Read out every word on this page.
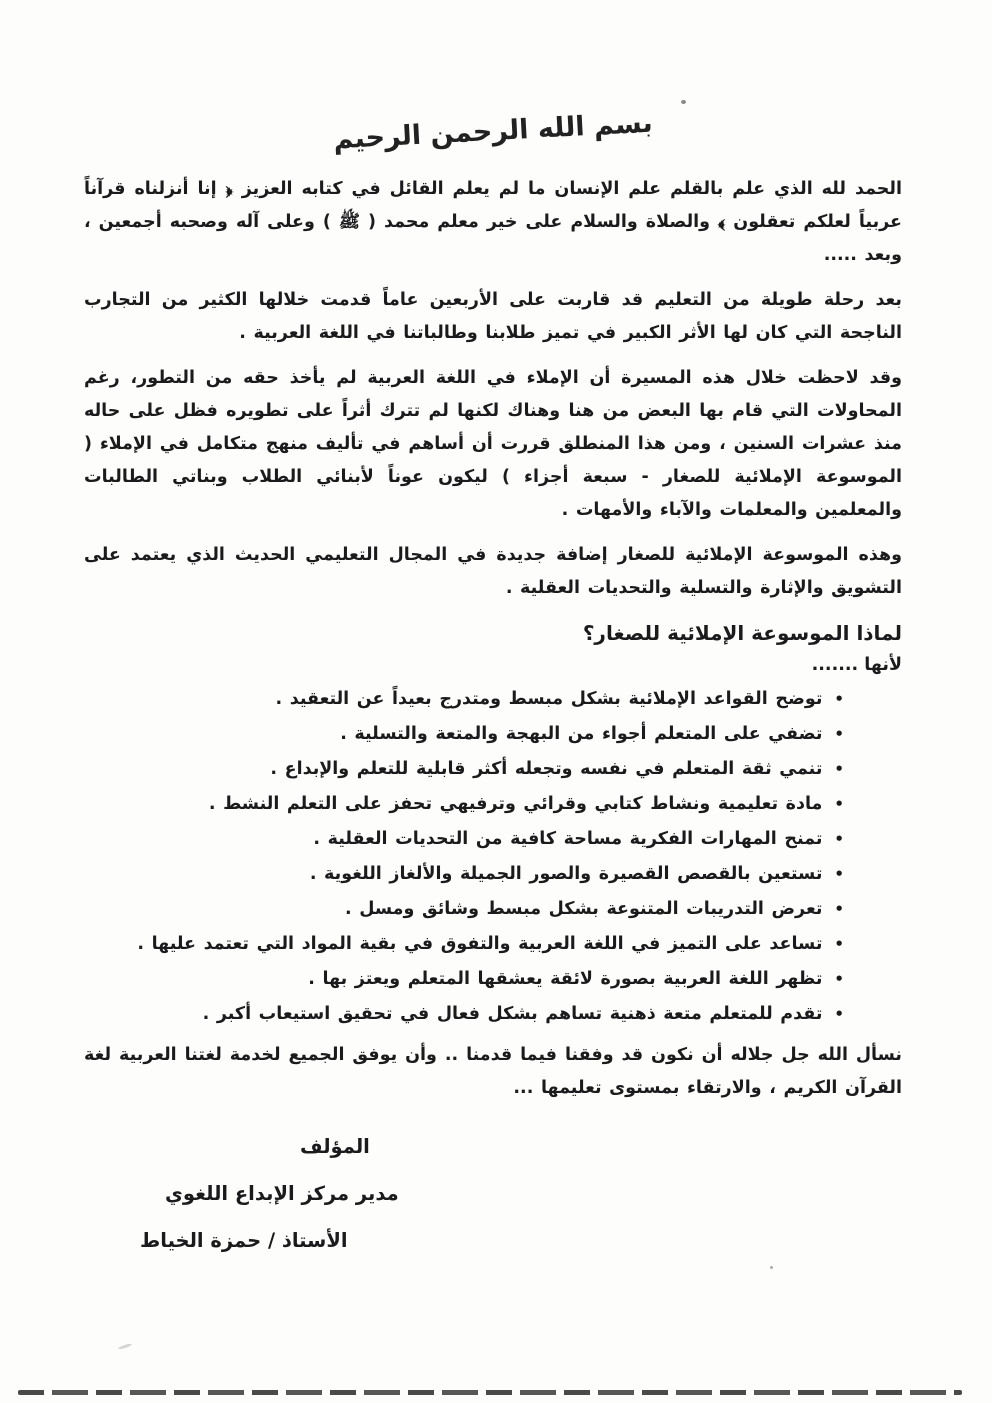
بسم الله الرحمن الرحيم

الحمد لله الذي علم بالقلم علم الإنسان ما لم يعلم القائل في كتابه العزيز ﴿ إنا أنزلناه قرآناً عربياً لعلكم تعقلون ﴾ والصلاة والسلام على خير معلم محمد ( ﷺ ) وعلى آله وصحبه أجمعين ، وبعد .....

بعد رحلة طويلة من التعليم قد قاربت على الأربعين عاماً قدمت خلالها الكثير من التجارب الناجحة التي كان لها الأثر الكبير في تميز طلابنا وطالباتنا في اللغة العربية .

وقد لاحظت خلال هذه المسيرة أن الإملاء في اللغة العربية لم يأخذ حقه من التطور، رغم المحاولات التي قام بها البعض من هنا وهناك لكنها لم تترك أثراً على تطويره فظل على حاله منذ عشرات السنين ، ومن هذا المنطلق قررت أن أساهم في تأليف منهج متكامل في الإملاء ( الموسوعة الإملائية للصغار - سبعة أجزاء ) ليكون عوناً لأبنائي الطلاب وبناتي الطالبات والمعلمين والمعلمات والآباء والأمهات .

وهذه الموسوعة الإملائية للصغار إضافة جديدة في المجال التعليمي الحديث الذي يعتمد على التشويق والإثارة والتسلية والتحديات العقلية .

لماذا الموسوعة الإملائية للصغار؟
لأنها .......
•
توضح القواعد الإملائية بشكل مبسط ومتدرج بعيداً عن التعقيد .
•
تضفي على المتعلم أجواء من البهجة والمتعة والتسلية .
•
تنمي ثقة المتعلم في نفسه وتجعله أكثر قابلية للتعلم والإبداع .
•
مادة تعليمية ونشاط كتابي وقرائي وترفيهي تحفز على التعلم النشط .
•
تمنح المهارات الفكرية مساحة كافية من التحديات العقلية .
•
تستعين بالقصص القصيرة والصور الجميلة والألغاز اللغوية .
•
تعرض التدريبات المتنوعة بشكل مبسط وشائق ومسل .
•
تساعد على التميز في اللغة العربية والتفوق في بقية المواد التي تعتمد عليها .
•
تظهر اللغة العربية بصورة لائقة يعشقها المتعلم ويعتز بها .
•
تقدم للمتعلم متعة ذهنية تساهم بشكل فعال في تحقيق استيعاب أكبر .

نسأل الله جل جلاله أن نكون قد وفقنا فيما قدمنا .. وأن يوفق الجميع لخدمة لغتنا العربية لغة القرآن الكريم ، والارتقاء بمستوى تعليمها ...

المؤلف
مدير مركز الإبداع اللغوي
الأستاذ / حمزة الخياط
